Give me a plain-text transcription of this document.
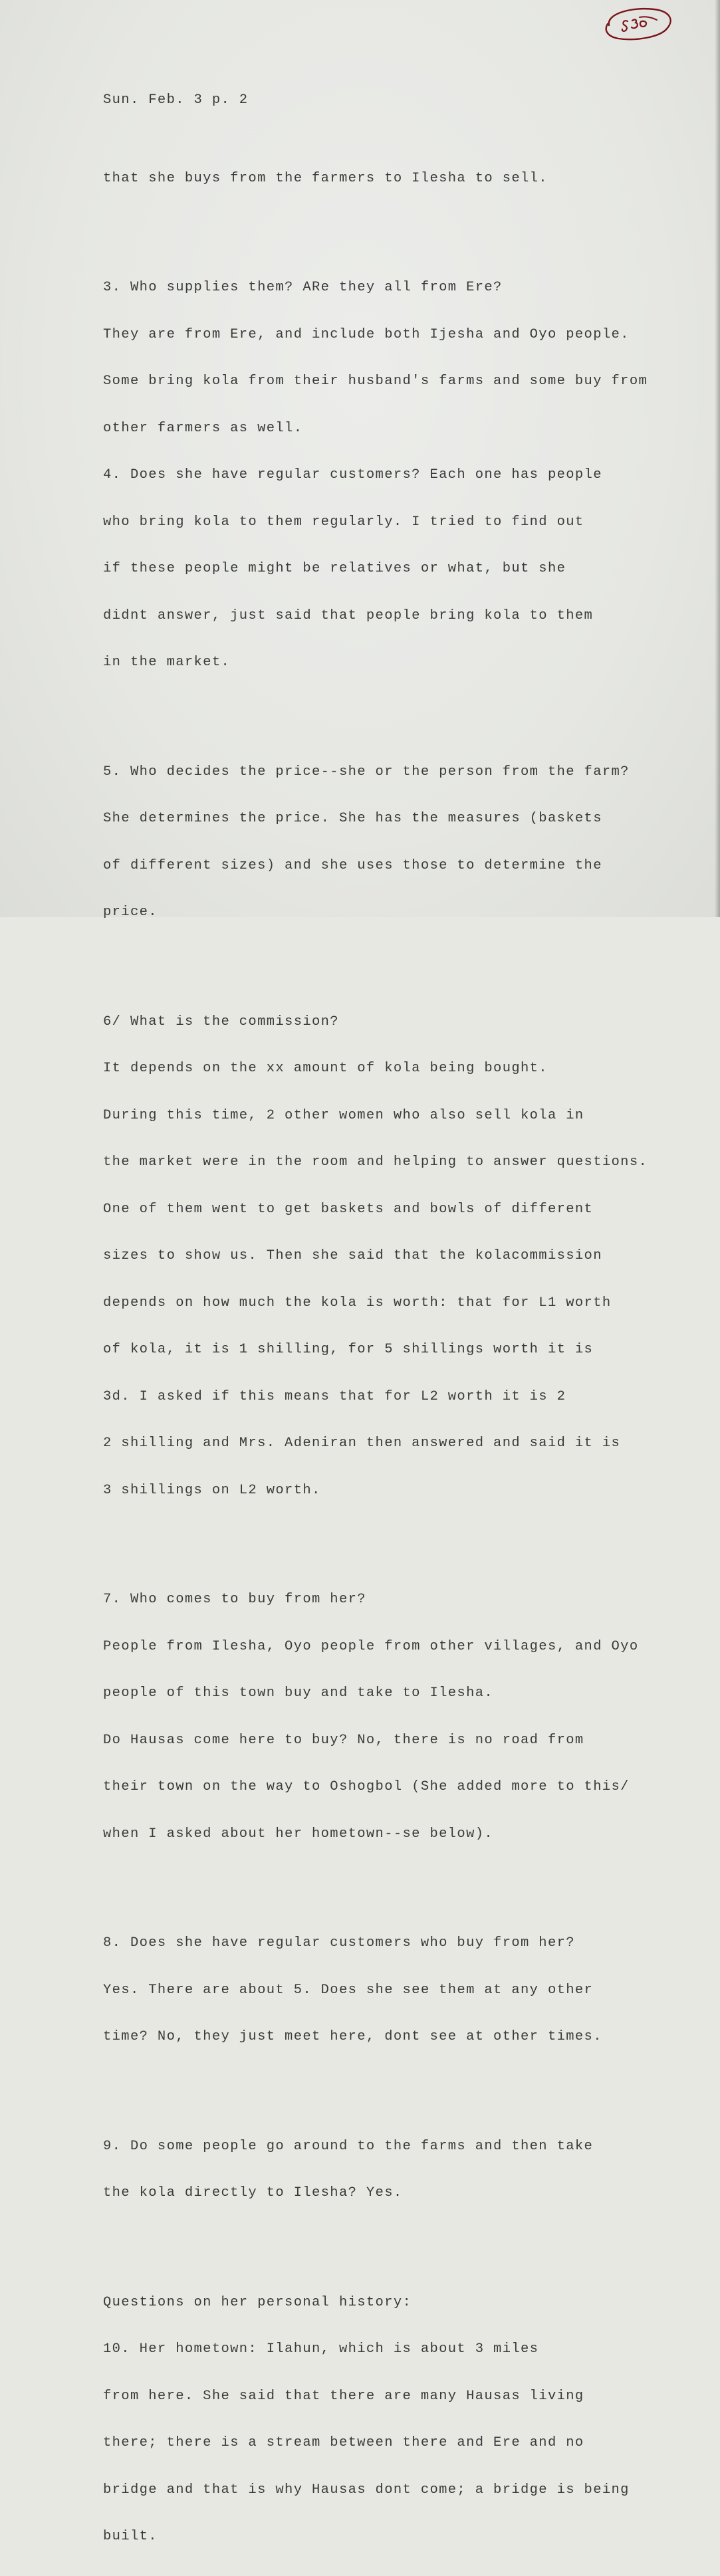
Sun. Feb. 3 p. 2

that she buys from the farmers to Ilesha to sell.

3. Who supplies them? ARe they all from Ere?

They are from Ere, and include both Ijesha and Oyo people.

Some bring kola from their husband's farms and some buy from

other farmers as well.

4. Does she have regular customers? Each one has people

who bring kola to them regularly. I tried to find out

if these people might be relatives or what, but she

didnt answer, just said that people bring kola to them

in the market.

5. Who decides the price--she or the person from the farm?

She determines the price. She has the measures (baskets

of different sizes) and she uses those to determine the

price.

6/ What is the commission?

It depends on the xx amount of kola being bought.

During this time, 2 other women who also sell kola in

the market were in the room and helping to answer questions.

One of them went to get baskets and bowls of different

sizes to show us. Then she said that the kolacommission

depends on how much the kola is worth: that for L1 worth

of kola, it is 1 shilling, for 5 shillings worth it is

3d. I asked if this means that for L2 worth it is 2

2 shilling and Mrs. Adeniran then answered and said it is

3 shillings on L2 worth.

7. Who comes to buy from her?

People from Ilesha, Oyo people from other villages, and Oyo

people of this town buy and take to Ilesha.

Do Hausas come here to buy? No, there is no road from

their town on the way to Oshogbol (She added more to this/

when I asked about her hometown--se below).

8. Does she have regular customers who buy from her?

Yes. There are about 5. Does she see them at any other

time? No, they just meet here, dont see at other times.

9. Do some people go around to the farms and then take

the kola directly to Ilesha? Yes.

Questions on her personal history:

10. Her hometown: Ilahun, which is about 3 miles

from here. She said that there are many Hausas living

there; there is a stream between there and Ere and no

bridge and that is why Hausas dont come; a bridge is being

built.
